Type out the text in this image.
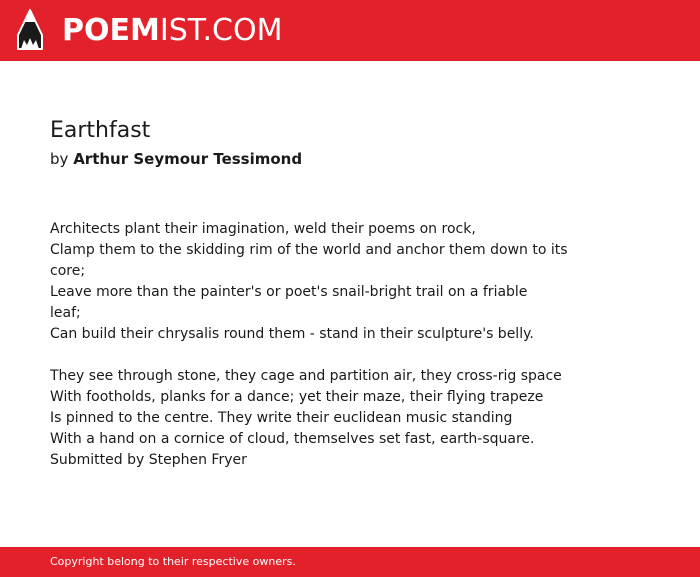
POEMIST.COM
Earthfast
by Arthur Seymour Tessimond
Architects plant their imagination, weld their poems on rock,
Clamp them to the skidding rim of the world and anchor them down to its
core;
Leave more than the painter's or poet's snail-bright trail on a friable
leaf;
Can build their chrysalis round them - stand in their sculpture's belly.
They see through stone, they cage and partition air, they cross-rig space
With footholds, planks for a dance; yet their maze, their flying trapeze
Is pinned to the centre. They write their euclidean music standing
With a hand on a cornice of cloud, themselves set fast, earth-square.
Submitted by Stephen Fryer
Copyright belong to their respective owners.
